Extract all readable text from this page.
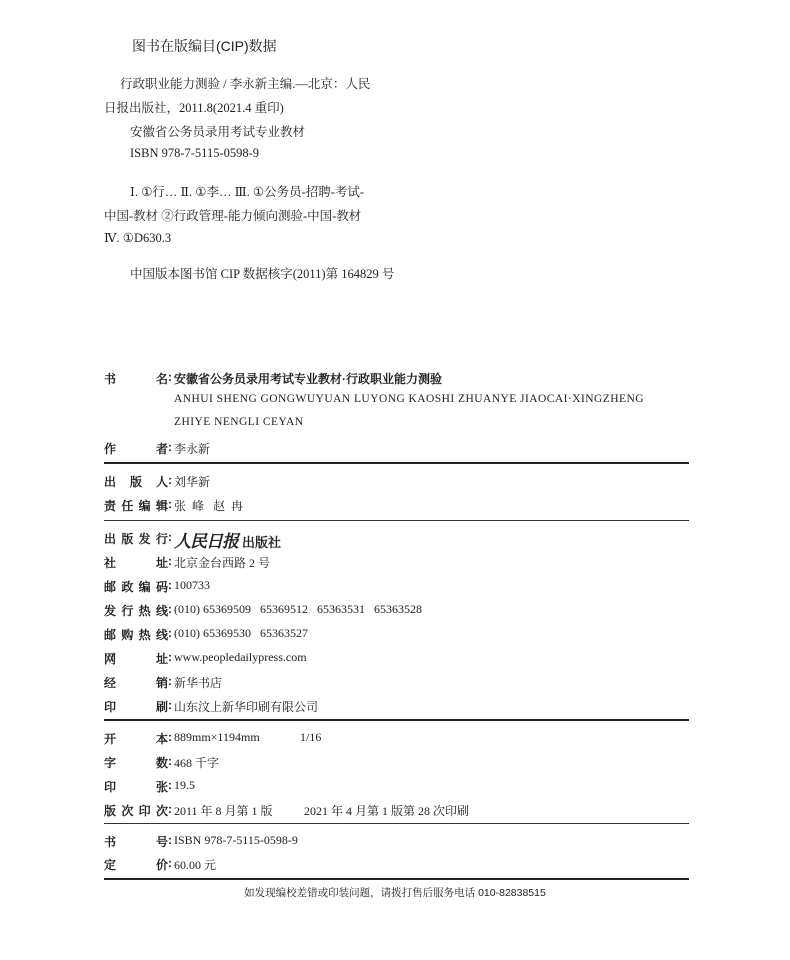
图书在版编目(CIP)数据
行政职业能力测验 / 李永新主编.—北京：人民
日报出版社，2011.8(2021.4 重印)
安徽省公务员录用考试专业教材
ISBN 978-7-5115-0598-9
Ⅰ. ①行… Ⅱ. ①李… Ⅲ. ①公务员-招聘-考试-
中国-教材 ②行政管理-能力倾向测验-中国-教材
Ⅳ. ①D630.3
中国版本图书馆 CIP 数据核字(2011)第 164829 号
书名 : 安徽省公务员录用考试专业教材·行政职业能力测验
ANHUI SHENG GONGWUYUAN LUYONG KAOSHI ZHUANYE JIAOCAI·XINGZHENG
ZHIYE NENGLI CEYAN
作者 : 李永新
出版人 : 刘华新
责任编辑 : 张  峰   赵  冉
出版发行 : 人民日报 出版社
社址 : 北京金台西路 2 号
邮政编码 : 100733
发行热线 : (010) 65369509   65369512   65363531   65363528
邮购热线 : (010) 65369530   65363527
网址 : www.peopledailypress.com
经销 : 新华书店
印刷 : 山东汶上新华印刷有限公司
开本 : 889mm×1194mm	1/16
字数 : 468 千字
印张 : 19.5
版次印次 : 2011 年 8 月第 1 版	2021 年 4 月第 1 版第 28 次印刷
书号 : ISBN 978-7-5115-0598-9
定价 : 60.00 元
如发现编校差错或印装问题，请拨打售后服务电话 010-82838515
